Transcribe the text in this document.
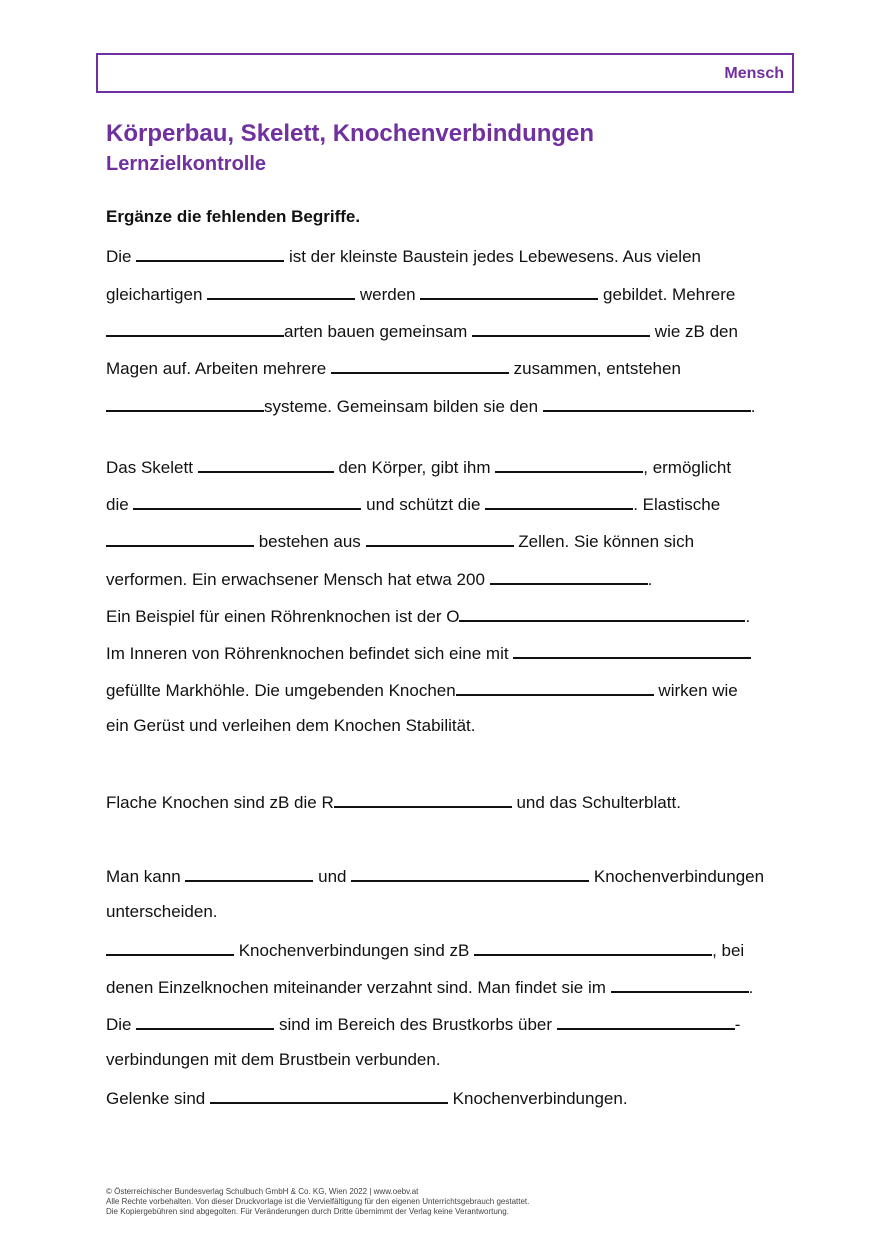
Mensch
Körperbau, Skelett, Knochenverbindungen
Lernzielkontrolle
Ergänze die fehlenden Begriffe.
Die	ist der kleinste Baustein jedes Lebewesens. Aus vielen
gleichartigen	werden	gebildet. Mehrere
arten bauen gemeinsam	wie zB den
Magen auf. Arbeiten mehrere	zusammen, entstehen
systeme. Gemeinsam bilden sie den	.
Das Skelett	den Körper, gibt ihm	, ermöglicht
die	und schützt die	. Elastische
bestehen aus	Zellen. Sie können sich
verformen. Ein erwachsener Mensch hat etwa 200	.
Ein Beispiel für einen Röhrenknochen ist der O	.
Im Inneren von Röhrenknochen befindet sich eine mit
gefüllte Markhöhle. Die umgebenden Knochen	wirken wie
ein Gerüst und verleihen dem Knochen Stabilität.
Flache Knochen sind zB die R	und das Schulterblatt.
Man kann	und	Knochenverbindungen
unterscheiden.
Knochenverbindungen sind zB	, bei
denen Einzelknochen miteinander verzahnt sind. Man findet sie im	.
Die	sind im Bereich des Brustkorbs über	-
verbindungen mit dem Brustbein verbunden.
Gelenke sind	Knochenverbindungen.
© Österreichischer Bundesverlag Schulbuch GmbH & Co. KG, Wien 2022 | www.oebv.at
Alle Rechte vorbehalten. Von dieser Druckvorlage ist die Vervielfältigung für den eigenen Unterrichtsgebrauch gestattet.
Die Kopiergebühren sind abgegolten. Für Veränderungen durch Dritte übernimmt der Verlag keine Verantwortung.
